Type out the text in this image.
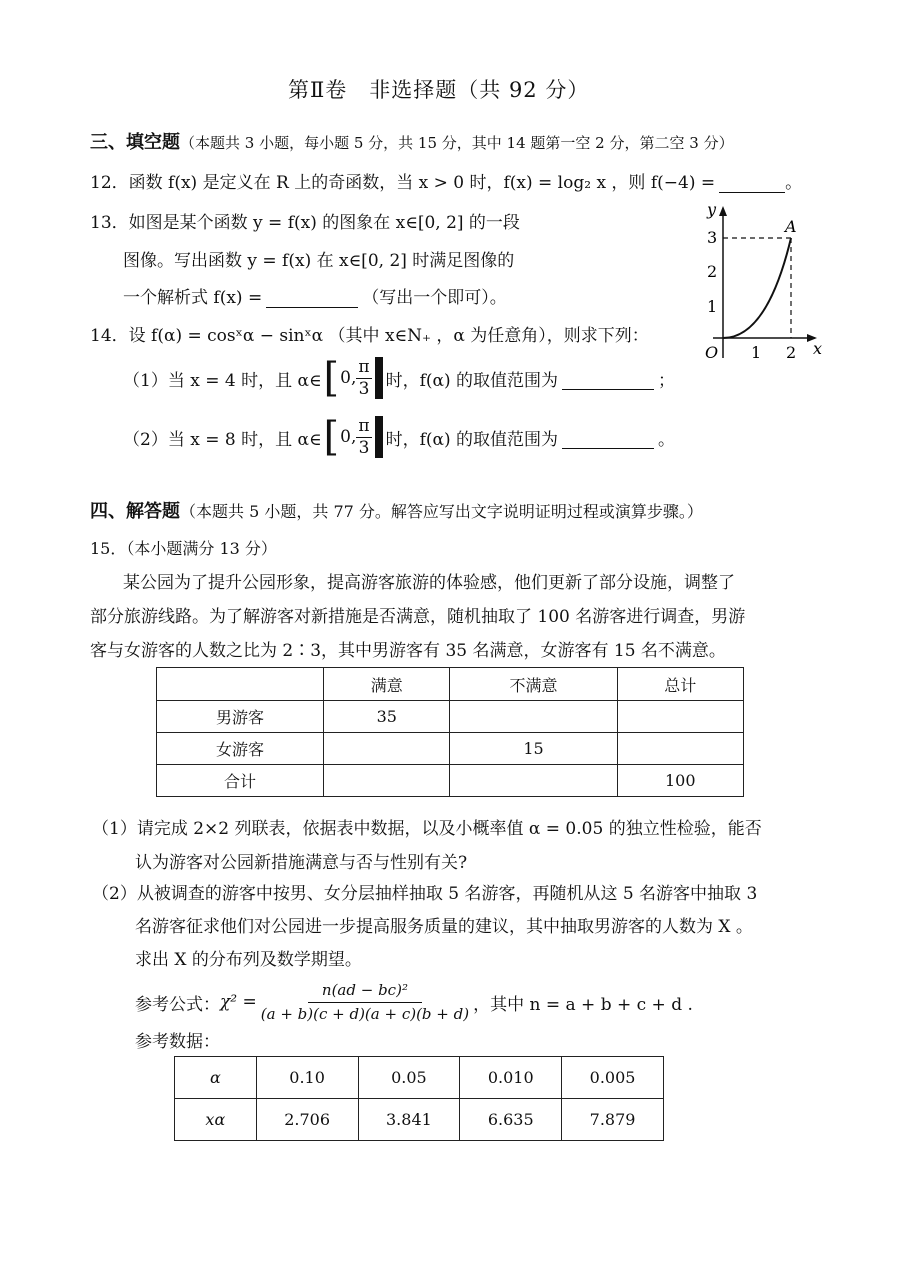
第Ⅱ卷　非选择题（共 92 分）
三、填空题（本题共 3 小题，每小题 5 分，共 15 分，其中 14 题第一空 2 分，第二空 3 分）
12．函数 f(x) 是定义在 R 上的奇函数，当 x > 0 时，f(x) = log₂ x ，则 f(−4) =	。
13．如图是某个函数 y = f(x) 的图象在 x∈[0, 2] 的一段
图像。写出函数 y = f(x) 在 x∈[0, 2] 时满足图像的
一个解析式 f(x) =	（写出一个即可）。
y
x
O
1
2
3
1 2
A
14．设 f(α) = cosˣα − sinˣα （其中 x∈N₊ ，α 为任意角），则求下列：
（1）当 x = 4 时，且 α∈ [ 0, $\frac{\pi}{3}$ 时，f(α) 的取值范围为	；
（2）当 x = 8 时，且 α∈ [ 0, $\frac{\pi}{3}$ 时，f(α) 的取值范围为	。
四、解答题（本题共 5 小题，共 77 分。解答应写出文字说明证明过程或演算步骤。）
15．（本小题满分 13 分）
某公园为了提升公园形象，提高游客旅游的体验感，他们更新了部分设施，调整了
部分旅游线路。为了解游客对新措施是否满意，随机抽取了 100 名游客进行调查，男游
客与女游客的人数之比为 2∶3，其中男游客有 35 名满意，女游客有 15 名不满意。
	满意	不满意	总计
男游客	35		
女游客		15	
合计			100
（1）请完成 2×2 列联表，依据表中数据，以及小概率值 α = 0.05 的独立性检验，能否
认为游客对公园新措施满意与否与性别有关?
（2）从被调查的游客中按男、女分层抽样抽取 5 名游客，再随机从这 5 名游客中抽取 3
名游客征求他们对公园进一步提高服务质量的建议，其中抽取男游客的人数为 X 。
求出 X 的分布列及数学期望。
参考公式： $\chi^2 = \frac{\text{n(ad − bc)²}}{(a + b)(c + d)(a + c)(b + d)}$ ，其中 n = a + b + c + d .
参考数据：
α	0.10	0.05	0.010	0.005
xα	2.706	3.841	6.635	7.879
